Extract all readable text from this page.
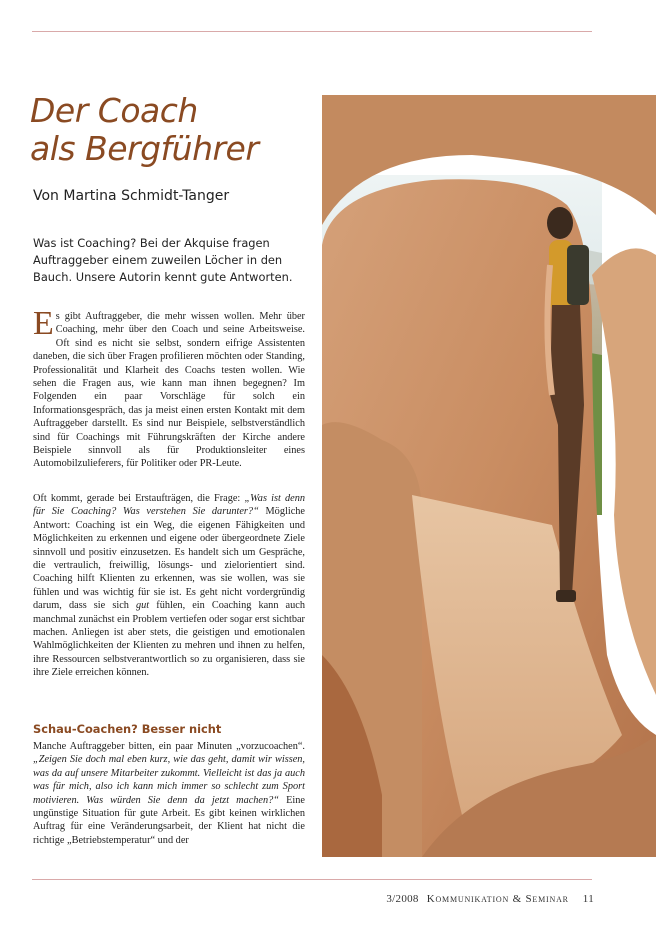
Der Coach
als Bergführer
Von Martina Schmidt-Tanger

Was ist Coaching? Bei der Akquise fragen Auftraggeber einem zuweilen Löcher in den Bauch. Unsere Autorin kennt gute Antworten.

Es gibt Auftraggeber, die mehr wissen wollen. Mehr über Coaching, mehr über den Coach und seine Arbeitsweise. Oft sind es nicht sie selbst, sondern eifrige Assistenten daneben, die sich über Fragen profilieren möchten oder Standing, Professionalität und Klarheit des Coachs testen wollen. Wie sehen die Fragen aus, wie kann man ihnen begegnen? Im Folgenden ein paar Vorschläge für solch ein Informationsgespräch, das ja meist einen ersten Kontakt mit dem Auftraggeber darstellt. Es sind nur Beispiele, selbstverständlich sind für Coachings mit Führungskräften der Kirche andere Beispiele sinnvoll als für Produktionsleiter eines Automobilzulieferers, für Politiker oder PR-Leute.

Oft kommt, gerade bei Erstaufträgen, die Frage: „Was ist denn für Sie Coaching? Was verstehen Sie darunter?“ Mögliche Antwort: Coaching ist ein Weg, die eigenen Fähigkeiten und Möglichkeiten zu erkennen und eigene oder übergeordnete Ziele sinnvoll und positiv einzusetzen. Es handelt sich um Gespräche, die vertraulich, freiwillig, lösungs- und zielorientiert sind. Coaching hilft Klienten zu erkennen, was sie wollen, was sie fühlen und was wichtig für sie ist. Es geht nicht vordergründig darum, dass sie sich gut fühlen, ein Coaching kann auch manchmal zunächst ein Problem vertiefen oder sogar erst sichtbar machen. Anliegen ist aber stets, die geistigen und emotionalen Wahlmöglichkeiten der Klienten zu mehren und ihnen zu helfen, ihre Ressourcen selbstverantwortlich so zu organisieren, dass sie ihre Ziele erreichen können.

Schau-Coachen? Besser nicht

Manche Auftraggeber bitten, ein paar Minuten „vorzucoachen“. „Zeigen Sie doch mal eben kurz, wie das geht, damit wir wissen, was da auf unsere Mitarbeiter zukommt. Vielleicht ist das ja auch was für mich, also ich kann mich immer so schlecht zum Sport motivieren. Was würden Sie denn da jetzt machen?“ Eine ungünstige Situation für gute Arbeit. Es gibt keinen wirklichen Auftrag für eine Veränderungsarbeit, der Klient hat nicht die richtige „Betriebstemperatur“ und der

3/2008 Kommunikation & Seminar 11
